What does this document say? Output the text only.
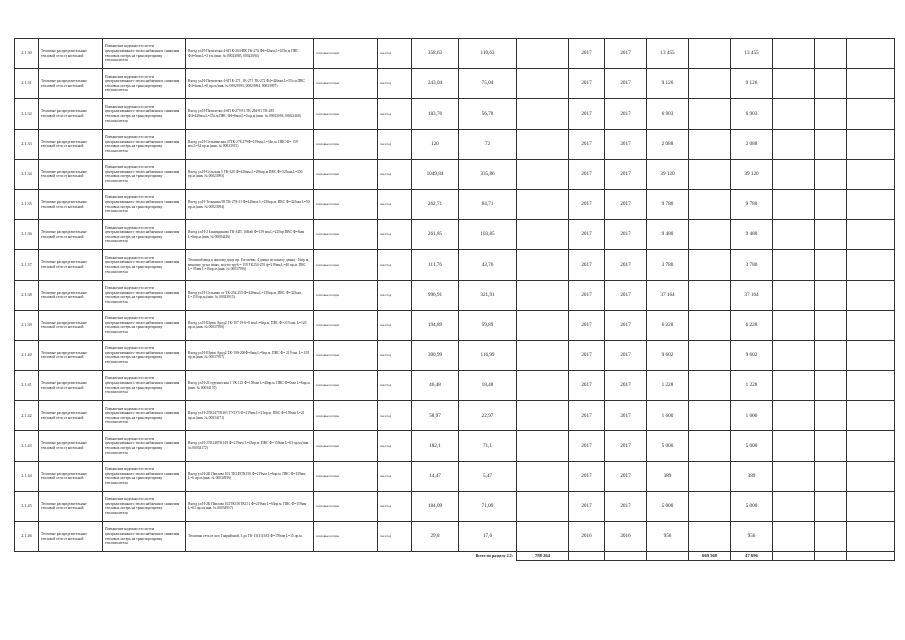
2.1.30	Тепловые распределительные тепловой сети от котельной	Повышение надежности систем централизованного теплоснабжения и снижения тепловых потерь на транспортировку теплоносителя	Въезд ул.Н-Пятилетки 4-6П К-263-ИК ТК-276 Ф4=42мм,L=105п.м.ПВС Ф4=6мм,L=3 т.м.(инв. № 00023085, 00023094)	тепловые потери	гкал/год	358,63	110,63		2017	2017	13 455		13 455			
2.1.31	Тепловые распределительные тепловой сети от котельной	Повышение надежности систем централизованного теплоснабжения и снижения тепловых потерь на транспортировку теплоносителя	Въезд ул.Н-Пятилетки 4-6П К-271, 1К-271 ТК-272 Ф4=426мм,L=37п.м.ПВС Ф4=6мм,L=0 пр.м.(инв. № 00023993, 00023994, 00023997)	тепловые потери	гкал/год	243,04	75,04		2017	2017	9 126		9 126			
2.1.32	Тепловые распределительные тепловой сети от котельной	Повышение надежности систем централизованного теплоснабжения и снижения тепловых потерь на транспортировку теплоносителя	Въезд ул.Н-Пятилетки 4-6П К-279 81 ТК-284-81 ТК-285 Ф4=426мм,L=37п.м.ПВС Ф4=6мм,L=0 пр.м.(инв. № 00023094, 00023460)	тепловые потери	гкал/год	183,76	56,78		2017	2017	6 903		6 903			
2.1.33	Тепловые распределительные тепловой сети от котельной	Повышение надежности систем централизованного теплоснабжения и снижения тепловых потерь на транспортировку теплоносителя	Въезд ул.Н-Сельменская 47ТК-278,279Ф=159мм,L=34п.м. ПВС Ф= 159 мм,L=34 пр.м.(инв. № 00023915)	тепловые потери	гкал/год	120	72		2017	2017	2 088		2 088			
2.1.34	Тепловые распределительные тепловой сети от котельной	Повышение надежности систем централизованного теплоснабжения и снижения тепловых потерь на транспортировку теплоносителя	Въезд ул.Н-Сельская 5 ТК-320 Ф=426мм,L=296пр.м.ПВС Ф=325мм,L=350 пр.м.(инв. № 00023993)	тепловые потери	гкал/год	1049,84	335,86		2017	2017	39 120		39 120			
2.1.35	Тепловые распределительные тепловой сети от котельной	Повышение надежности систем централизованного теплоснабжения и снижения тепловых потерь на транспортировку теплоносителя	Въезд ул.Н-Тельмана 98 ТК-278-31 Ф=426мм, L=250пр.м. ПВС Ф=325мм L=50 пр.м.(инв. № 00023994)	тепловые потери	гкал/год	262,71	84,71		2017	2017	9 780		9 780			
2.1.36	Тепловые распределительные тепловой сети от котельной	Повышение надежности систем централизованного теплоснабжения и снижения тепловых потерь на транспортировку теплоносителя	Въезд ул.Н-2 Бонмадикова ТК-34П, 16Кв6 Ф=159 мм,L=225пр.ПВС Ф=6мм L=6пр.м.(инв. № 00084426)	тепловые потери	гкал/год	261,85	103,85		2017	2017	9 480		9 480			
2.1.37	Тепловые распределительные тепловой сети от котельной	Повышение надежности систем централизованного теплоснабжения и снижения тепловых потерь на транспортировку теплоносителя	Тепловой ввод к жилому дому пр. Гоголевю, 4 длина по каналу длина - 16пр м, вешалку ду на сваях, кол-во тру6 = 159 ТК254-255 ф=219мм,L=40 пр.м. ПВС L= 95мм L=16пр.м.(инв. № 00037956)	тепловые потери	гкал/год	111,76	43,76		2017	2017	3 780		3 780			
2.1.38	Тепловые распределительные тепловой сети от котельной	Повышение надежности систем централизованного теплоснабжения и снижения тепловых потерь на транспортировку теплоносителя	Въезд ул.Н-Сельмаш от ТК-254,255 Ф=426мм,L=150пр.м.,ПВС Ф=325мм, L=150 пр.м.(инв. № 00023915)	тепловые потери	гкал/год	996,91	321,91		2017	2017	37 164		37 164			
2.1.39	Тепловые распределительные тепловой сети от котельной	Повышение надежности систем централизованного теплоснабжения и снижения тепловых потерь на транспортировку теплоносителя	Въезд ул.Н-Шуюк Арод2 ТК-107 19-6=0 мм,L=6пр.м. ПВС Ф=219 мм, L=120 пр.м.(инв. № 00037956)	тепловые потери	гкал/год	194,89	59,89		2017	2017	6 228		6 228			
2.1.40	Тепловые распределительные тепловой сети от котельной	Повышение надежности систем централизованного теплоснабжения и снижения тепловых потерь на транспортировку теплоносителя	Въезд ул.Н-Шуюк Арод2 ТК-199-200Ф=0мм,L=9пр.м. ПВС Ф= 219 мм, L= 195 пр.м.(инв. № 00037957)	тепловые потери	гкал/год	300,99	116,99		2017	2017	9 602		9 602			
2.1.41	Тепловые распределительные тепловой сети от котельной	Повышение надежности систем централизованного теплоснабжения и снижения тепловых потерь на транспортировку теплоносителя	Въезд ул.Н-2Студенческая 1 ТК 125 Ф=159мм L=40пр.м. ПВС Ф=0мм L=6пр.м.(инв. № 00034170)	тепловые потери	гкал/год	46,48	18,48		2017	2017	1 228		1 228			
2.1.42	Тепловые распределительные тепловой сети от котельной	Повышение надежности систем централизованного теплоснабжения и снижения тепловых потерь на транспортировку теплоносителя	Въезд ул.Н-2ТК147ТК181 ТУ5У5 Ф=219мм L=21пр.м. ПВС Ф=159мм L=21 пр.м.(инв. № 00034171)	тепловые потери	гкал/год	58,97	22,97		2017	2017	1 600		1 600			
2.1.43	Тепловые распределительные тепловой сети от котельной	Повышение надежности систем централизованного теплоснабжения и снижения тепловых потерь на транспортировку теплоносителя	Въезд ул.Н-2ТК148ТК149 Ф=219мм L=63пр.м. ПВС Ф=159мм L=63 пр.м.(инв. № 00034172)	тепловые потери	гкал/год	182,1	71,1		2017	2017	5 000		5 000			
2.1.44	Тепловые распределительные тепловой сети от котельной	Повышение надежности систем централизованного теплоснабжения и снижения тепловых потерь на транспортировку теплоносителя	Въезд ул.Н-2К Павлова 102 ТК149ТК150 Ф=219мм L=6пр.м. ПВС Ф=159мм L=6 пр.м.(инв. № 00034956)	тепловые потери	гкал/год	14,47	5,47		2017	2017	389		389			
2.1.45	Тепловые распределительные тепловой сети от котельной	Повышение надежности систем централизованного теплоснабжения и снижения тепловых потерь на транспортировку теплоносителя	Въезд ул.Н-2К Павлова 102ТК150ТК151 Ф=219мм L=63пр.м. ПВС Ф=159мм L=63 пр.м.(инв. № 00034957)	тепловые потери	гкал/год	184,09	71,09		2017	2017	5 000		5 000			
2.1.46	Тепловые распределительные тепловой сети от котельной	Повышение надежности систем централизованного теплоснабжения и снижения тепловых потерь на транспортировку теплоносителя	Тепловая сеть от кот. Гаврийской, 3 до ТК-15(31)ЗА3 Ф=159мм L=15 пр.м.	тепловые потери	гкал/год	29,8	17,6		2016	2016	956		956			
						Всего по разделу 2.2:		788 264				669 568	47 696			
